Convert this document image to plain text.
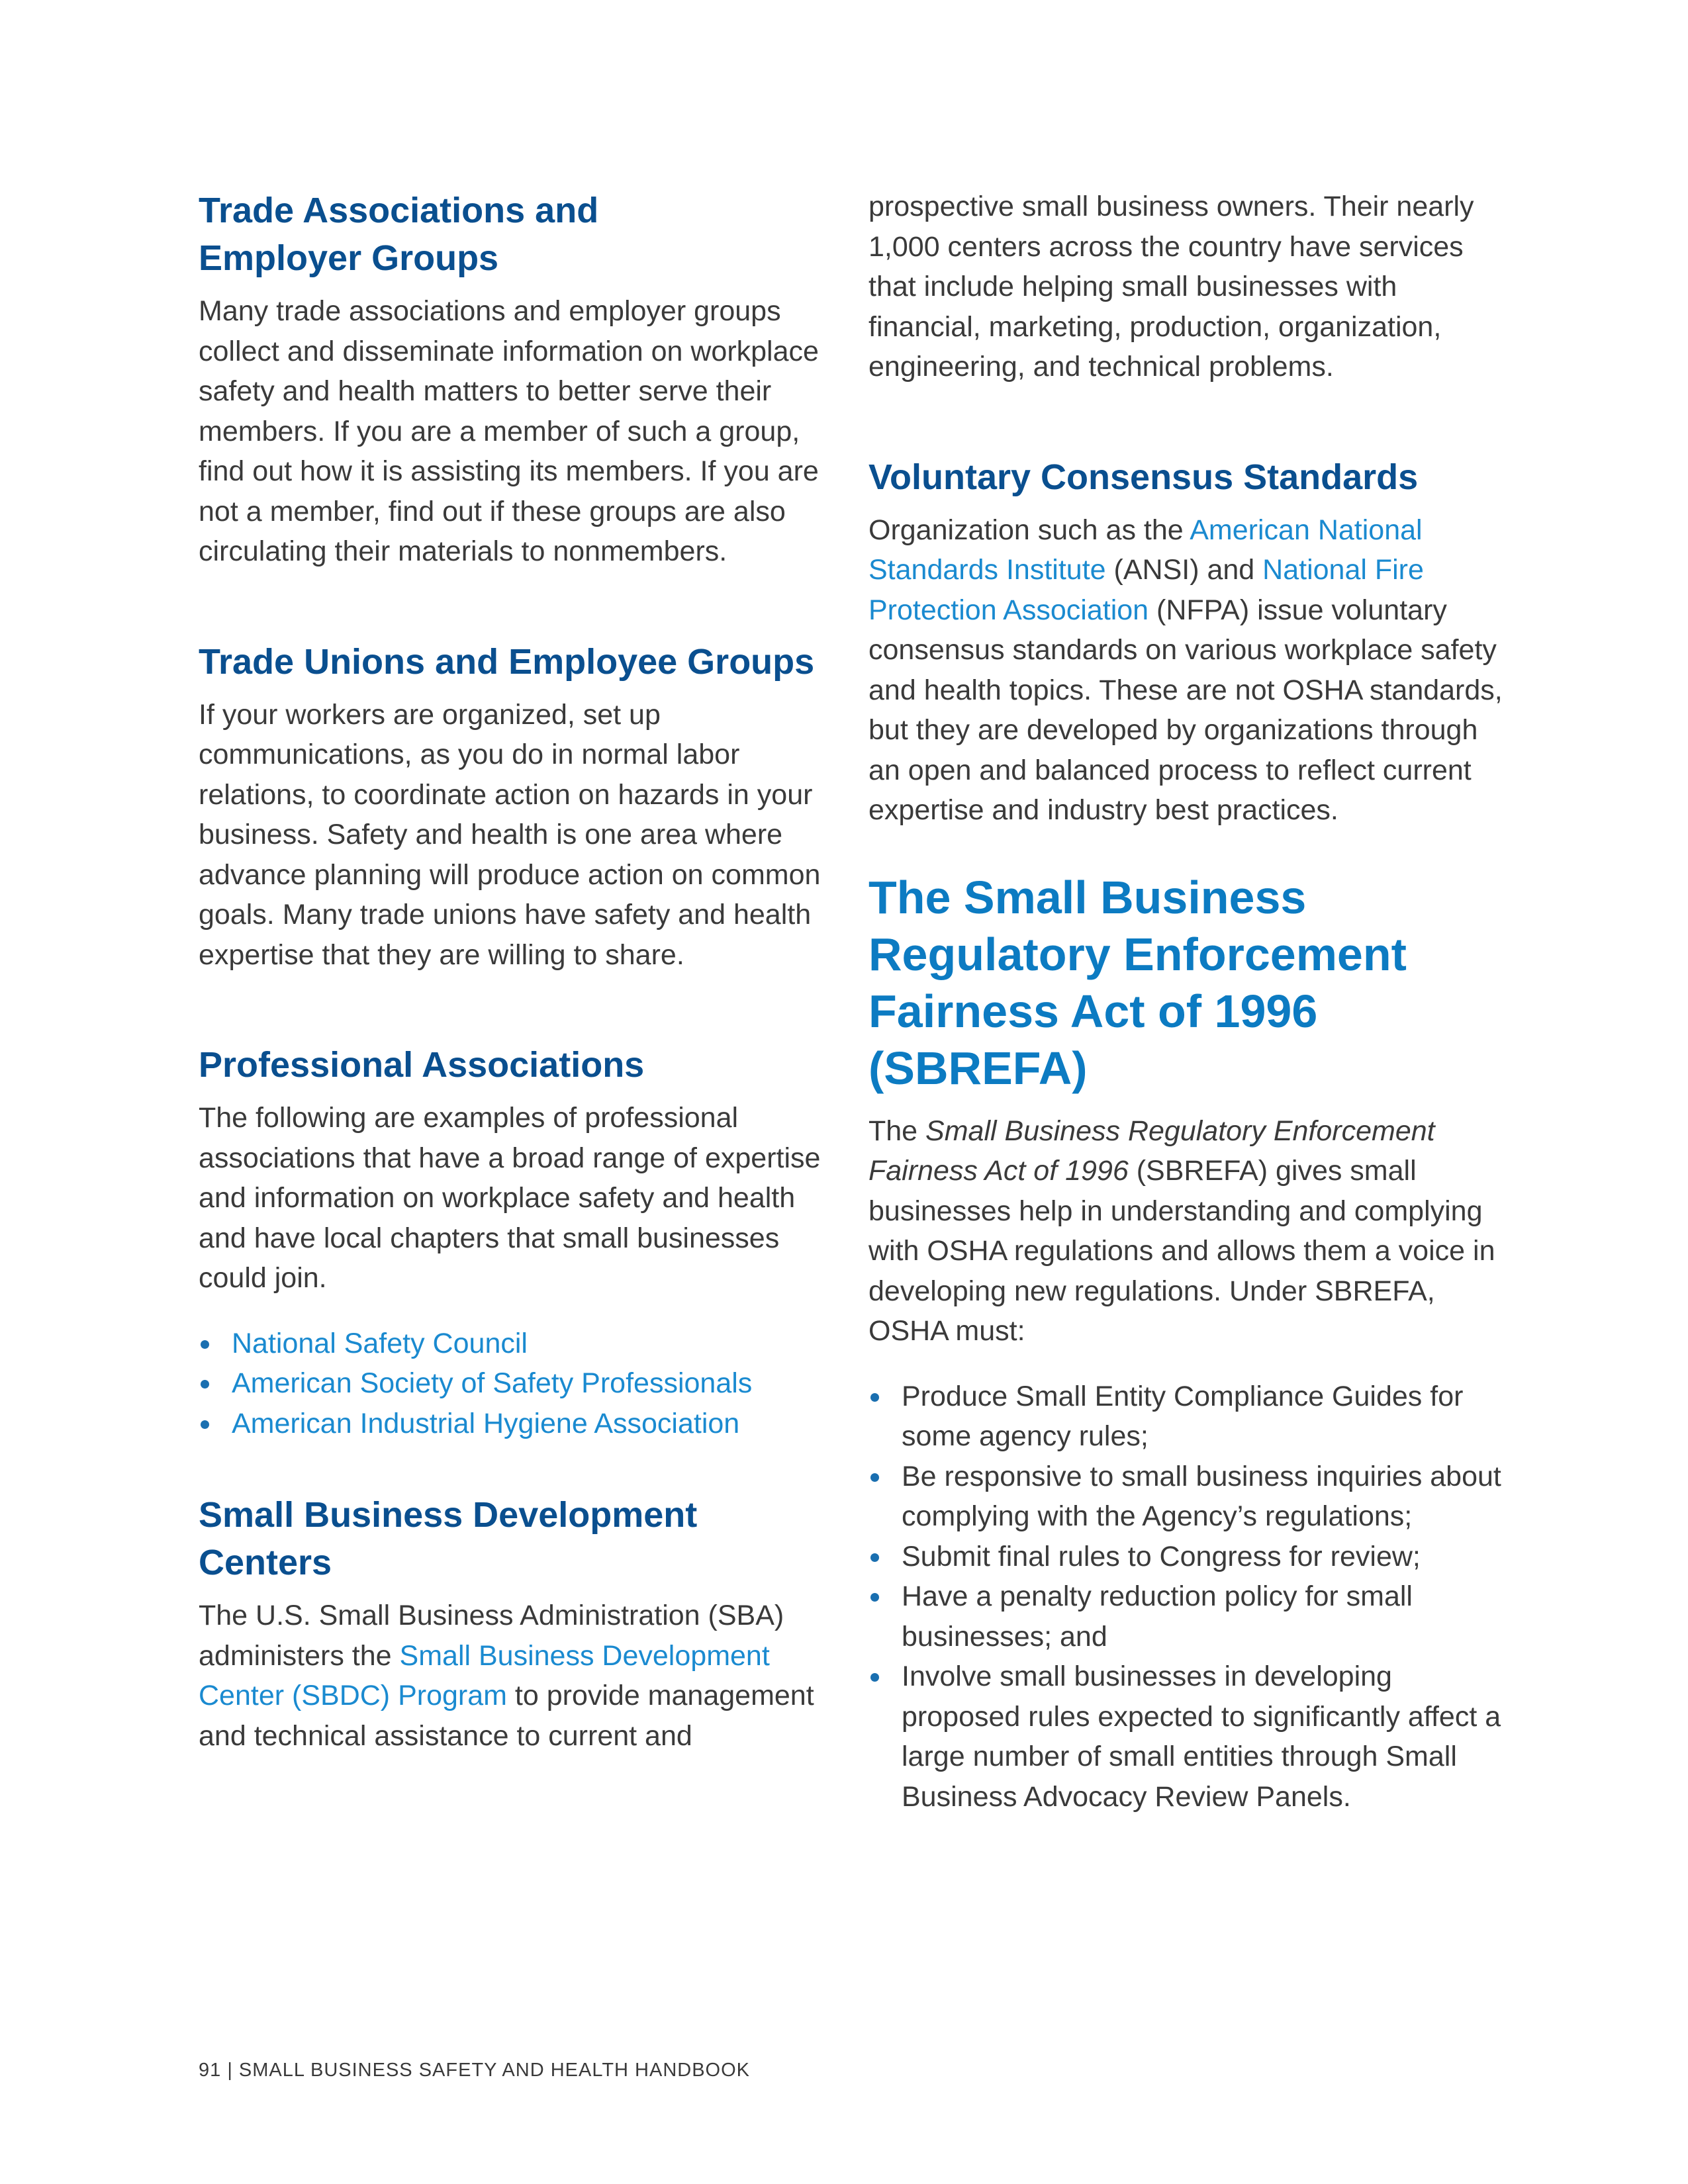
Trade Associations and
Employer Groups

Many trade associations and employer groups collect and disseminate information on workplace safety and health matters to better serve their members. If you are a member of such a group, find out how it is assisting its members. If you are not a member, find out if these groups are also circulating their materials to nonmembers.

Trade Unions and Employee Groups

If your workers are organized, set up communications, as you do in normal labor relations, to coordinate action on hazards in your business. Safety and health is one area where advance planning will produce action on common goals. Many trade unions have safety and health expertise that they are willing to share.

Professional Associations

The following are examples of professional associations that have a broad range of expertise and information on workplace safety and health and have local chapters that small businesses could join.

National Safety Council
American Society of Safety Professionals
American Industrial Hygiene Association
Small Business Development Centers

The U.S. Small Business Administration (SBA) administers the Small Business Development Center (SBDC) Program to provide management and technical assistance to current and

prospective small business owners. Their nearly 1,000 centers across the country have services that include helping small businesses with financial, marketing, production, organization, engineering, and technical problems.

Voluntary Consensus Standards

Organization such as the American National Standards Institute (ANSI) and National Fire Protection Association (NFPA) issue voluntary consensus standards on various workplace safety and health topics. These are not OSHA standards, but they are developed by organizations through an open and balanced process to reflect current expertise and industry best practices.

The Small Business Regulatory Enforcement Fairness Act of 1996 (SBREFA)

The Small Business Regulatory Enforcement Fairness Act of 1996 (SBREFA) gives small businesses help in understanding and complying with OSHA regulations and allows them a voice in developing new regulations. Under SBREFA, OSHA must:

Produce Small Entity Compliance Guides for some agency rules;
Be responsive to small business inquiries about complying with the Agency’s regulations;
Submit final rules to Congress for review;
Have a penalty reduction policy for small businesses; and
Involve small businesses in developing proposed rules expected to significantly affect a large number of small entities through Small Business Advocacy Review Panels.
91 | SMALL BUSINESS SAFETY AND HEALTH HANDBOOK
